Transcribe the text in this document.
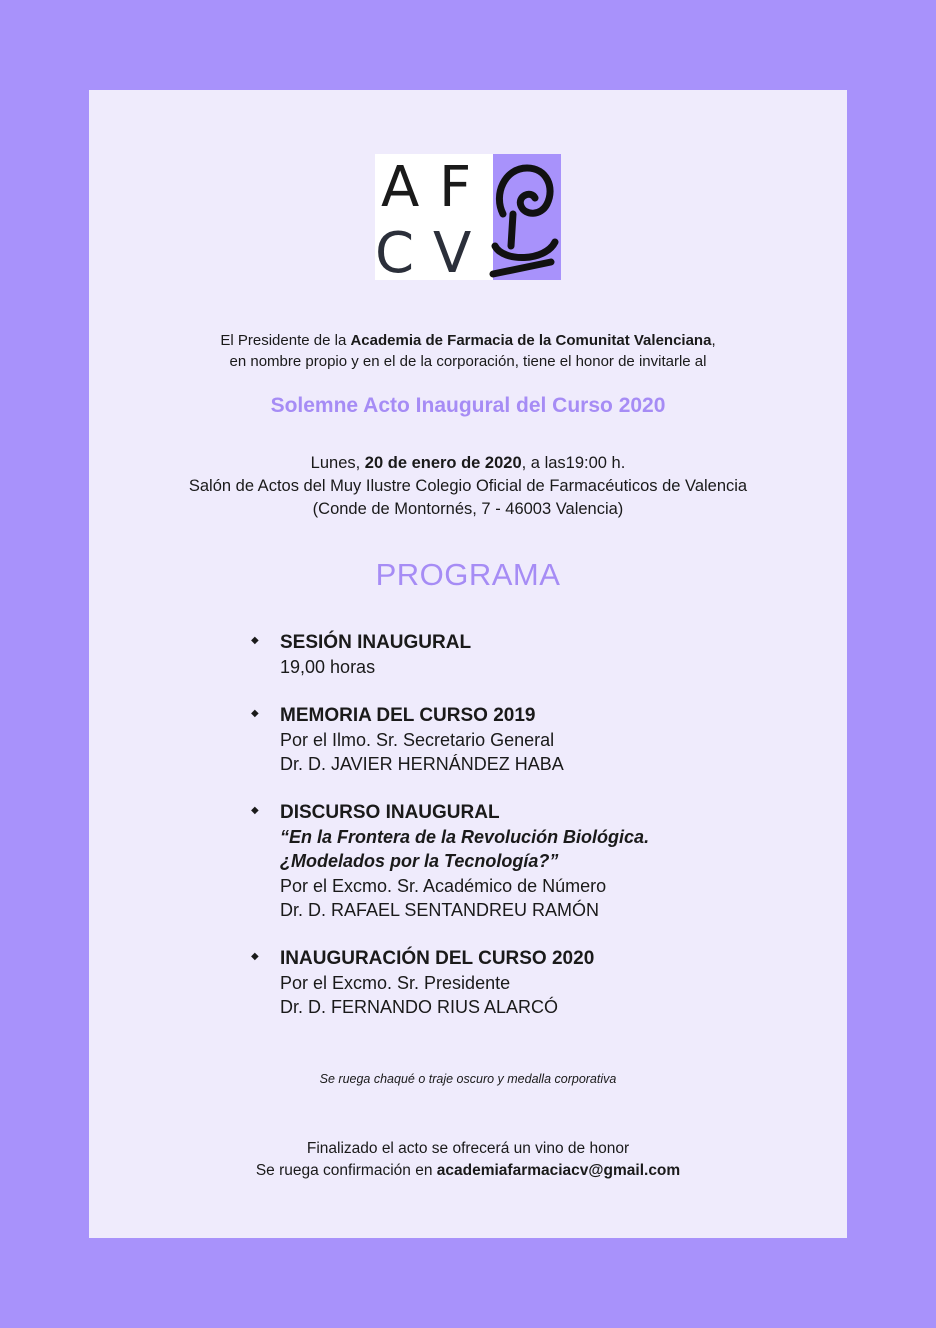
A F
C V
El Presidente de la Academia de Farmacia de la Comunitat Valenciana,
en nombre propio y en el de la corporación, tiene el honor de invitarle al
Solemne Acto Inaugural del Curso 2020
Lunes, 20 de enero de 2020, a las19:00 h.
Salón de Actos del Muy Ilustre Colegio Oficial de Farmacéuticos de Valencia
(Conde de Montornés, 7 - 46003 Valencia)
PROGRAMA
◆ SESIÓN INAUGURAL
19,00 horas
◆ MEMORIA DEL CURSO 2019
Por el Ilmo. Sr. Secretario General
Dr. D. JAVIER HERNÁNDEZ HABA
◆ DISCURSO INAUGURAL
“En la Frontera de la Revolución Biológica.
¿Modelados por la Tecnología?”
Por el Excmo. Sr. Académico de Número
Dr. D. RAFAEL SENTANDREU RAMÓN
◆ INAUGURACIÓN DEL CURSO 2020
Por el Excmo. Sr. Presidente
Dr. D. FERNANDO RIUS ALARCÓ
Se ruega chaqué o traje oscuro y medalla corporativa
Finalizado el acto se ofrecerá un vino de honor
Se ruega confirmación en academiafarmaciacv@gmail.com
